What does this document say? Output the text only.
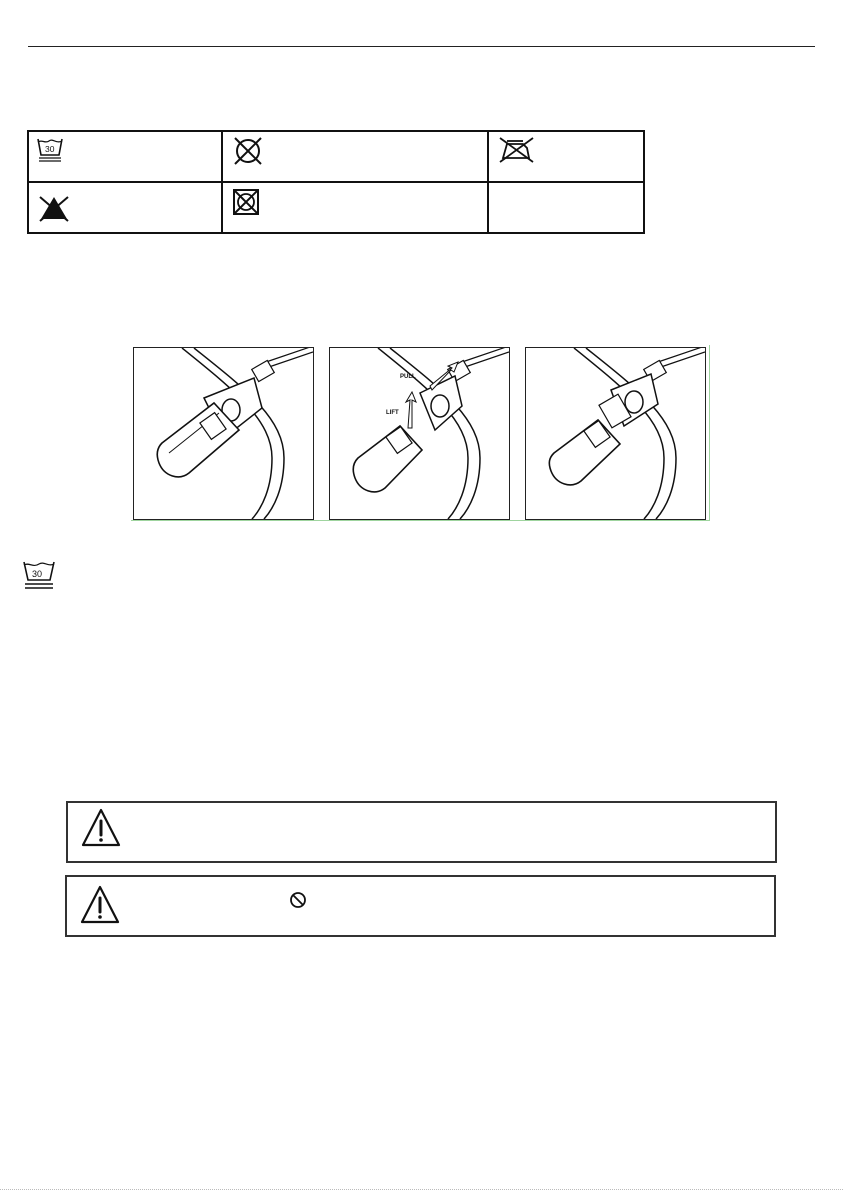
30

PULL
LIFT
30
